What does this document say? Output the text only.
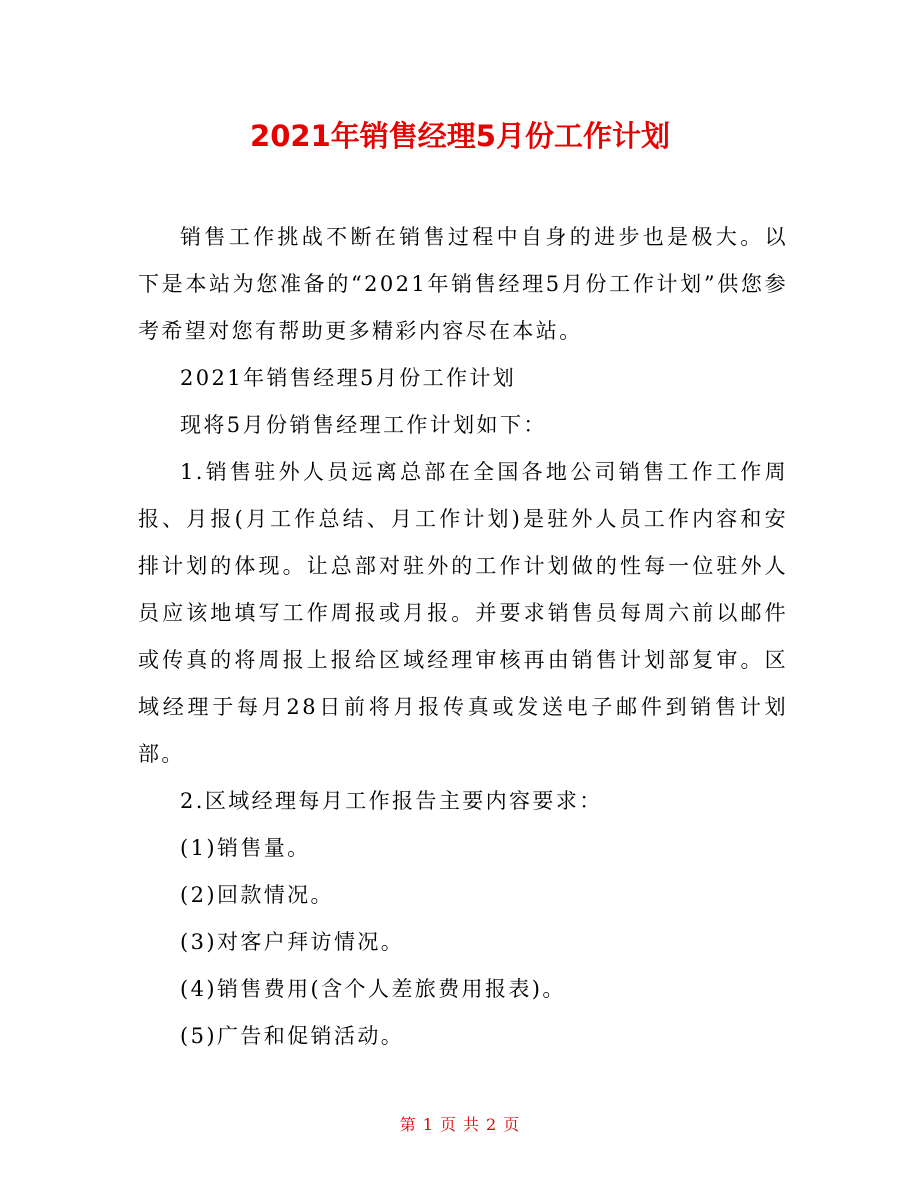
2021年销售经理5月份工作计划

销售工作挑战不断在销售过程中自身的进步也是极大。以下是本站为您准备的“2021年销售经理5月份工作计划”供您参考希望对您有帮助更多精彩内容尽在本站。

2021年销售经理5月份工作计划

现将5月份销售经理工作计划如下：

1.销售驻外人员远离总部在全国各地公司销售工作工作周报、月报(月工作总结、月工作计划)是驻外人员工作内容和安排计划的体现。让总部对驻外的工作计划做的性每一位驻外人员应该地填写工作周报或月报。并要求销售员每周六前以邮件或传真的将周报上报给区域经理审核再由销售计划部复审。区域经理于每月28日前将月报传真或发送电子邮件到销售计划部。

2.区域经理每月工作报告主要内容要求：

(1)销售量。

(2)回款情况。

(3)对客户拜访情况。

(4)销售费用(含个人差旅费用报表)。

(5)广告和促销活动。

第 1 页 共 2 页
